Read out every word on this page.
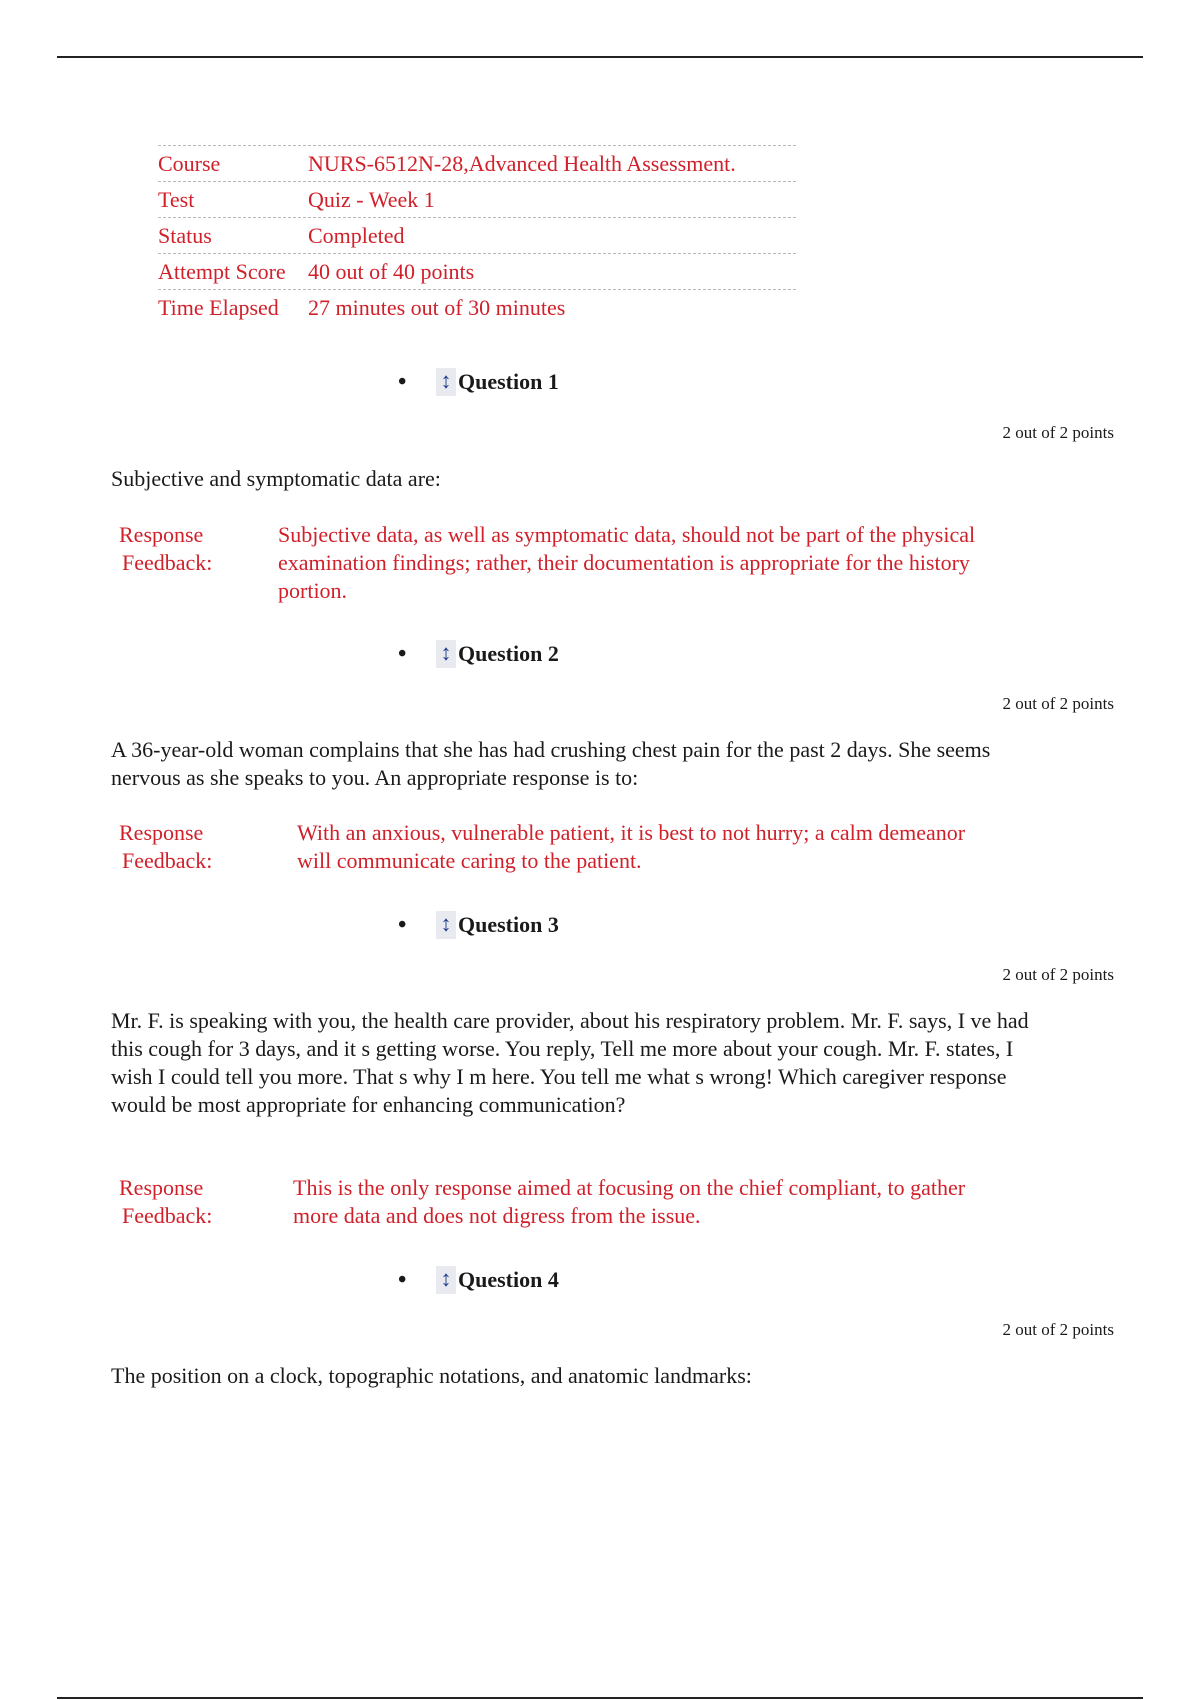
Course	NURS-6512N-28,Advanced Health Assessment.
Test	Quiz - Week 1
Status	Completed
Attempt Score	40 out of 40 points
Time Elapsed	27 minutes out of 30 minutes
•	↕ Question 1
2 out of 2 points
Subjective and symptomatic data are:
Response
Feedback:
Subjective data, as well as symptomatic data, should not be part of the physical examination findings; rather, their documentation is appropriate for the history portion.
•	↕ Question 2
2 out of 2 points
A 36-year-old woman complains that she has had crushing chest pain for the past 2 days. She seems nervous as she speaks to you. An appropriate response is to:
Response
Feedback:
With an anxious, vulnerable patient, it is best to not hurry; a calm demeanor will communicate caring to the patient.
•	↕ Question 3
2 out of 2 points
Mr. F. is speaking with you, the health care provider, about his respiratory problem. Mr. F. says, I ve had this cough for 3 days, and it s getting worse. You reply, Tell me more about your cough. Mr. F. states, I wish I could tell you more. That s why I m here. You tell me what s wrong! Which caregiver response would be most appropriate for enhancing communication?
Response
Feedback:
This is the only response aimed at focusing on the chief compliant, to gather more data and does not digress from the issue.
•	↕ Question 4
2 out of 2 points
The position on a clock, topographic notations, and anatomic landmarks:
